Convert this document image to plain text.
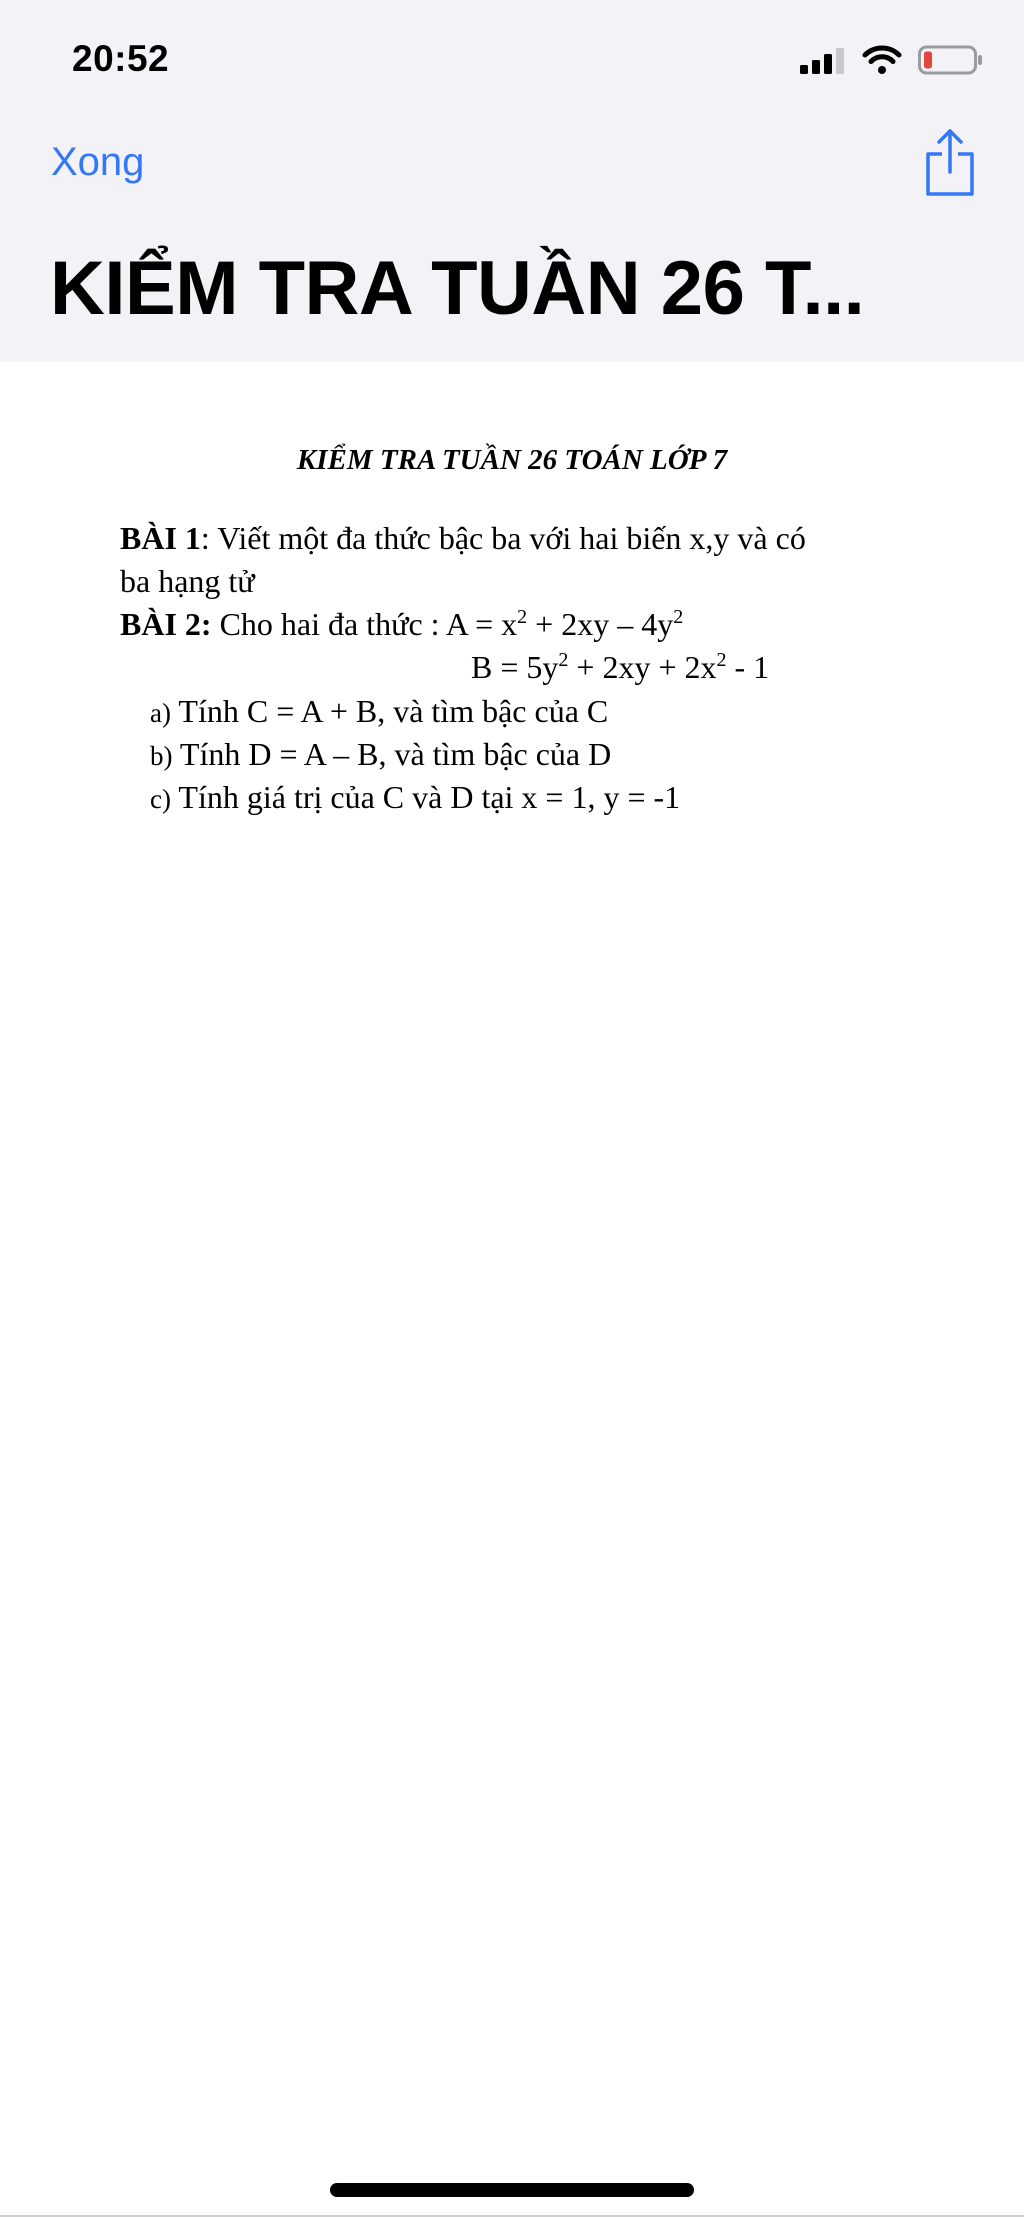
20:52
Xong
KIỂM TRA TUẦN 26 T...
KIỂM TRA TUẦN 26 TOÁN LỚP 7
BÀI 1: Viết một đa thức bậc ba với hai biến x,y và có
ba hạng tử
BÀI 2: Cho hai đa thức : $A = x^2 + 2xy - 4y^2$
$B = 5y^2 + 2xy + 2x^2 - 1$
a) Tính C = A + B, và tìm bậc của C
b) Tính D = A – B, và tìm bậc của D
c) Tính giá trị của C và D tại x = 1, y = -1
